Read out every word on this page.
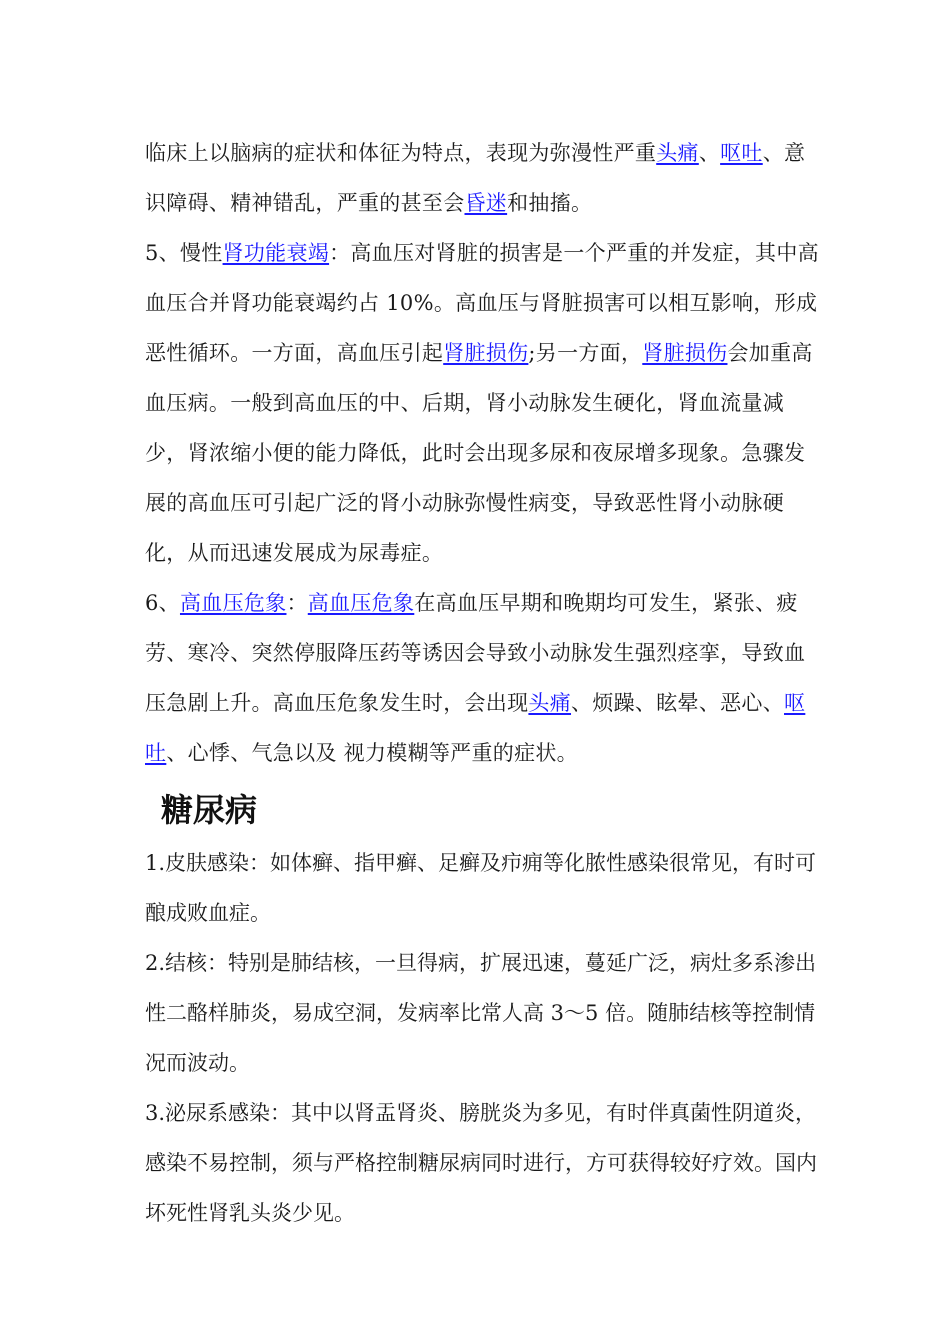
临床上以脑病的症状和体征为特点，表现为弥漫性严重头痛、呕吐、意识障碍、精神错乱，严重的甚至会昏迷和抽搐。

5、慢性肾功能衰竭：高血压对肾脏的损害是一个严重的并发症，其中高血压合并肾功能衰竭约占 10%。高血压与肾脏损害可以相互影响，形成恶性循环。一方面，高血压引起肾脏损伤;另一方面，肾脏损伤会加重高血压病。一般到高血压的中、后期，肾小动脉发生硬化，肾血流量减少，肾浓缩小便的能力降低，此时会出现多尿和夜尿增多现象。急骤发展的高血压可引起广泛的肾小动脉弥慢性病变，导致恶性肾小动脉硬化，从而迅速发展成为尿毒症。

6、高血压危象：高血压危象在高血压早期和晚期均可发生，紧张、疲劳、寒冷、突然停服降压药等诱因会导致小动脉发生强烈痉挛，导致血压急剧上升。高血压危象发生时，会出现头痛、烦躁、眩晕、恶心、呕吐、心悸、气急以及 视力模糊等严重的症状。

糖尿病

1.皮肤感染：如体癣、指甲癣、足癣及疖痈等化脓性感染很常见，有时可酿成败血症。

2.结核：特别是肺结核，一旦得病，扩展迅速，蔓延广泛，病灶多系渗出性二酪样肺炎，易成空洞，发病率比常人高 3～5 倍。随肺结核等控制情况而波动。

3.泌尿系感染：其中以肾盂肾炎、膀胱炎为多见，有时伴真菌性阴道炎，感染不易控制，须与严格控制糖尿病同时进行，方可获得较好疗效。国内坏死性肾乳头炎少见。
